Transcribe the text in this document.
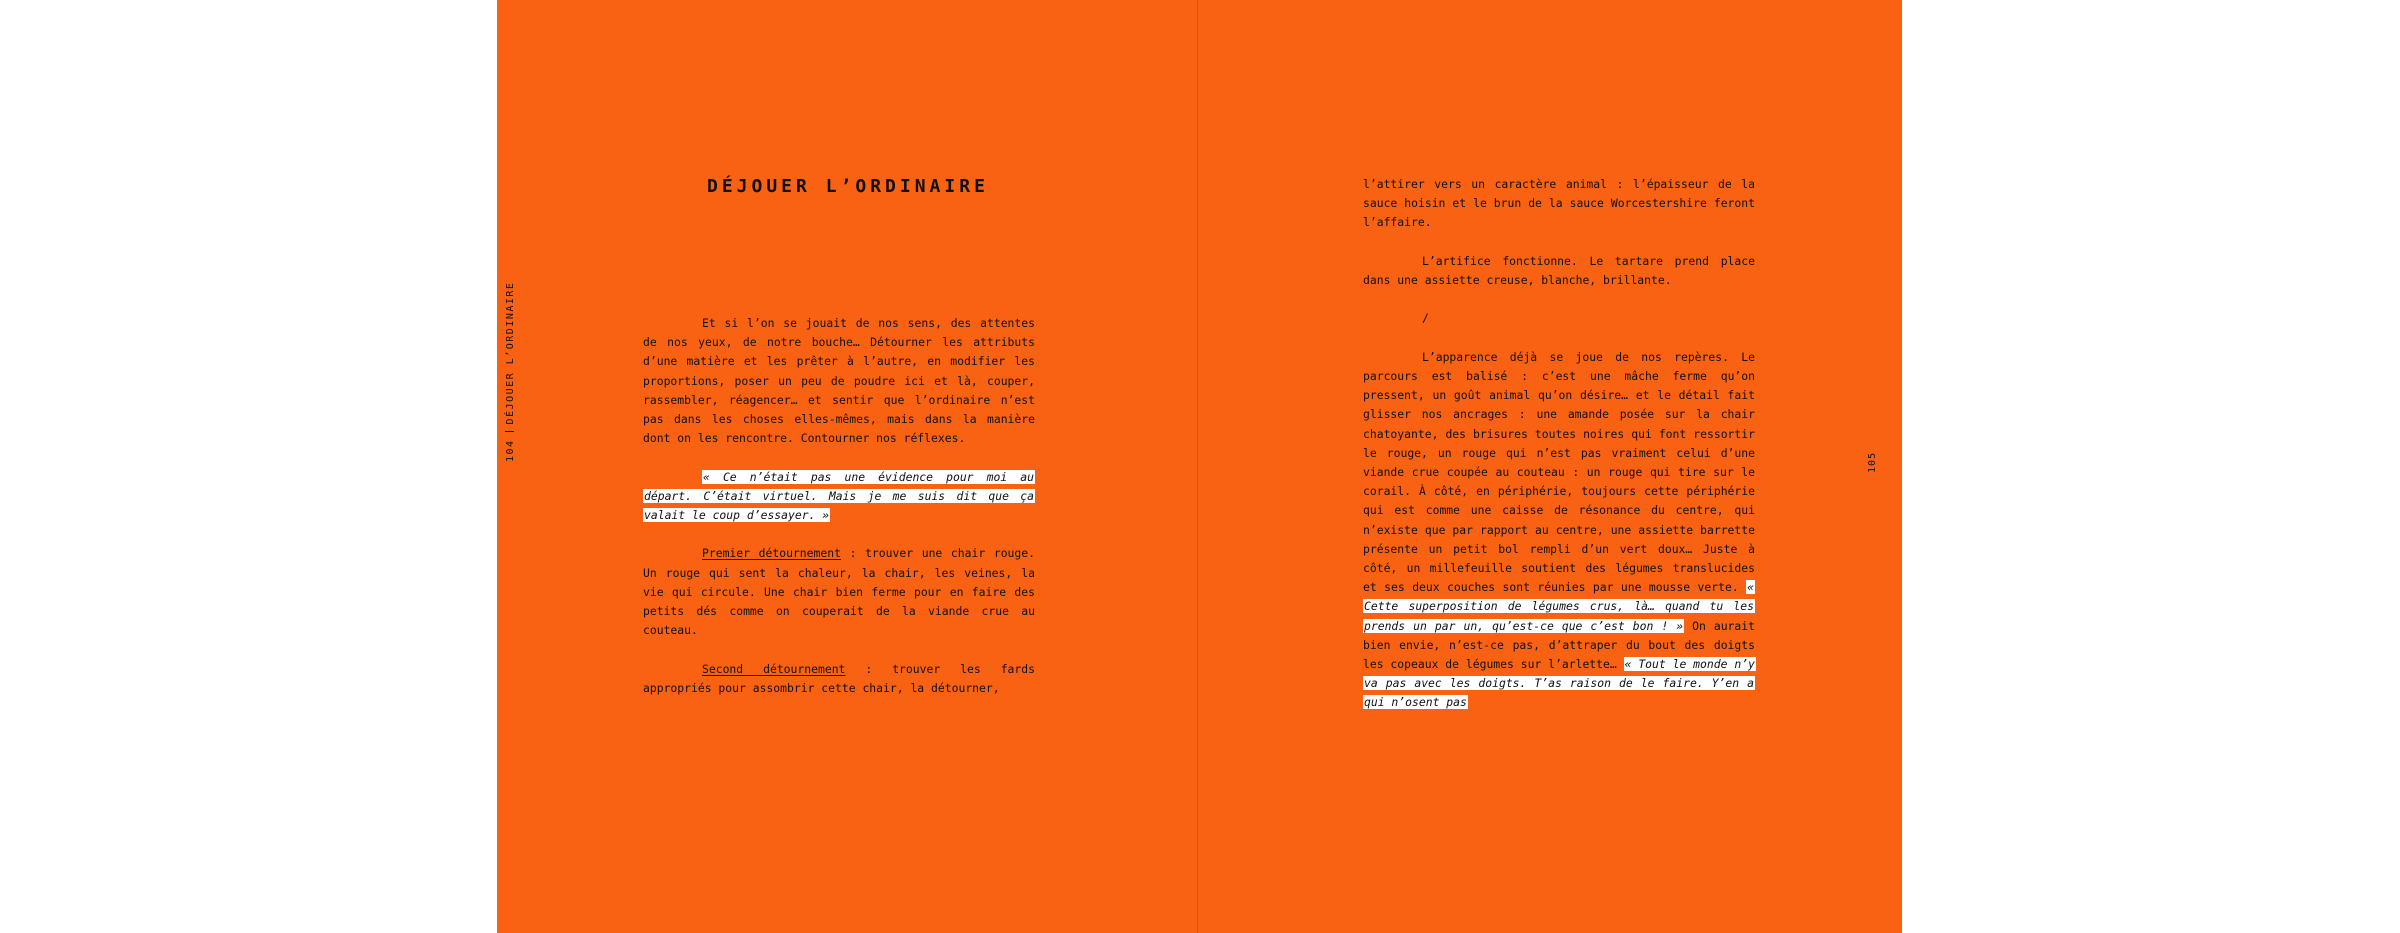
104DÉJOUER L’ORDINAIRE
DÉJOUER L’ORDINAIRE

Et si l’on se jouait de nos sens, des attentes de nos yeux, de notre bouche… Détourner les attributs d’une matière et les prêter à l’autre, en modifier les proportions, poser un peu de poudre ici et là, couper, rassembler, réagencer… et sentir que l’ordinaire n’est pas dans les choses elles-mêmes, mais dans la manière dont on les rencontre. Contourner nos réflexes.

« Ce n’était pas une évidence pour moi au départ. C’était virtuel. Mais je me suis dit que ça valait le coup d’essayer. »

Premier détournement : trouver une chair rouge. Un rouge qui sent la chaleur, la chair, les veines, la vie qui circule. Une chair bien ferme pour en faire des petits dés comme on couperait de la viande crue au couteau.

Second détournement : trouver les fards appropriés pour assombrir cette chair, la détourner,

l’attirer vers un caractère animal : l’épaisseur de la sauce hoisin et le brun de la sauce Worcestershire feront l’affaire.

L’artifice fonctionne. Le tartare prend place dans une assiette creuse, blanche, brillante.

/

L’apparence déjà se joue de nos repères. Le parcours est balisé : c’est une mâche ferme qu’on pressent, un goût animal qu’on désire… et le détail fait glisser nos ancrages : une amande posée sur la chair chatoyante, des brisures toutes noires qui font ressortir le rouge, un rouge qui n’est pas vraiment celui d’une viande crue coupée au couteau : un rouge qui tire sur le corail. À côté, en périphérie, toujours cette périphérie qui est comme une caisse de résonance du centre, qui n’existe que par rapport au centre, une assiette barrette présente un petit bol rempli d’un vert doux… Juste à côté, un millefeuille soutient des légumes translucides et ses deux couches sont réunies par une mousse verte. « Cette superposition de légumes crus, là… quand tu les prends un par un, qu’est-ce que c’est bon ! » On aurait bien envie, n’est-ce pas, d’attraper du bout des doigts les copeaux de légumes sur l’arlette… « Tout le monde n’y va pas avec les doigts. T’as raison de le faire. Y’en a qui n’osent pas

105
